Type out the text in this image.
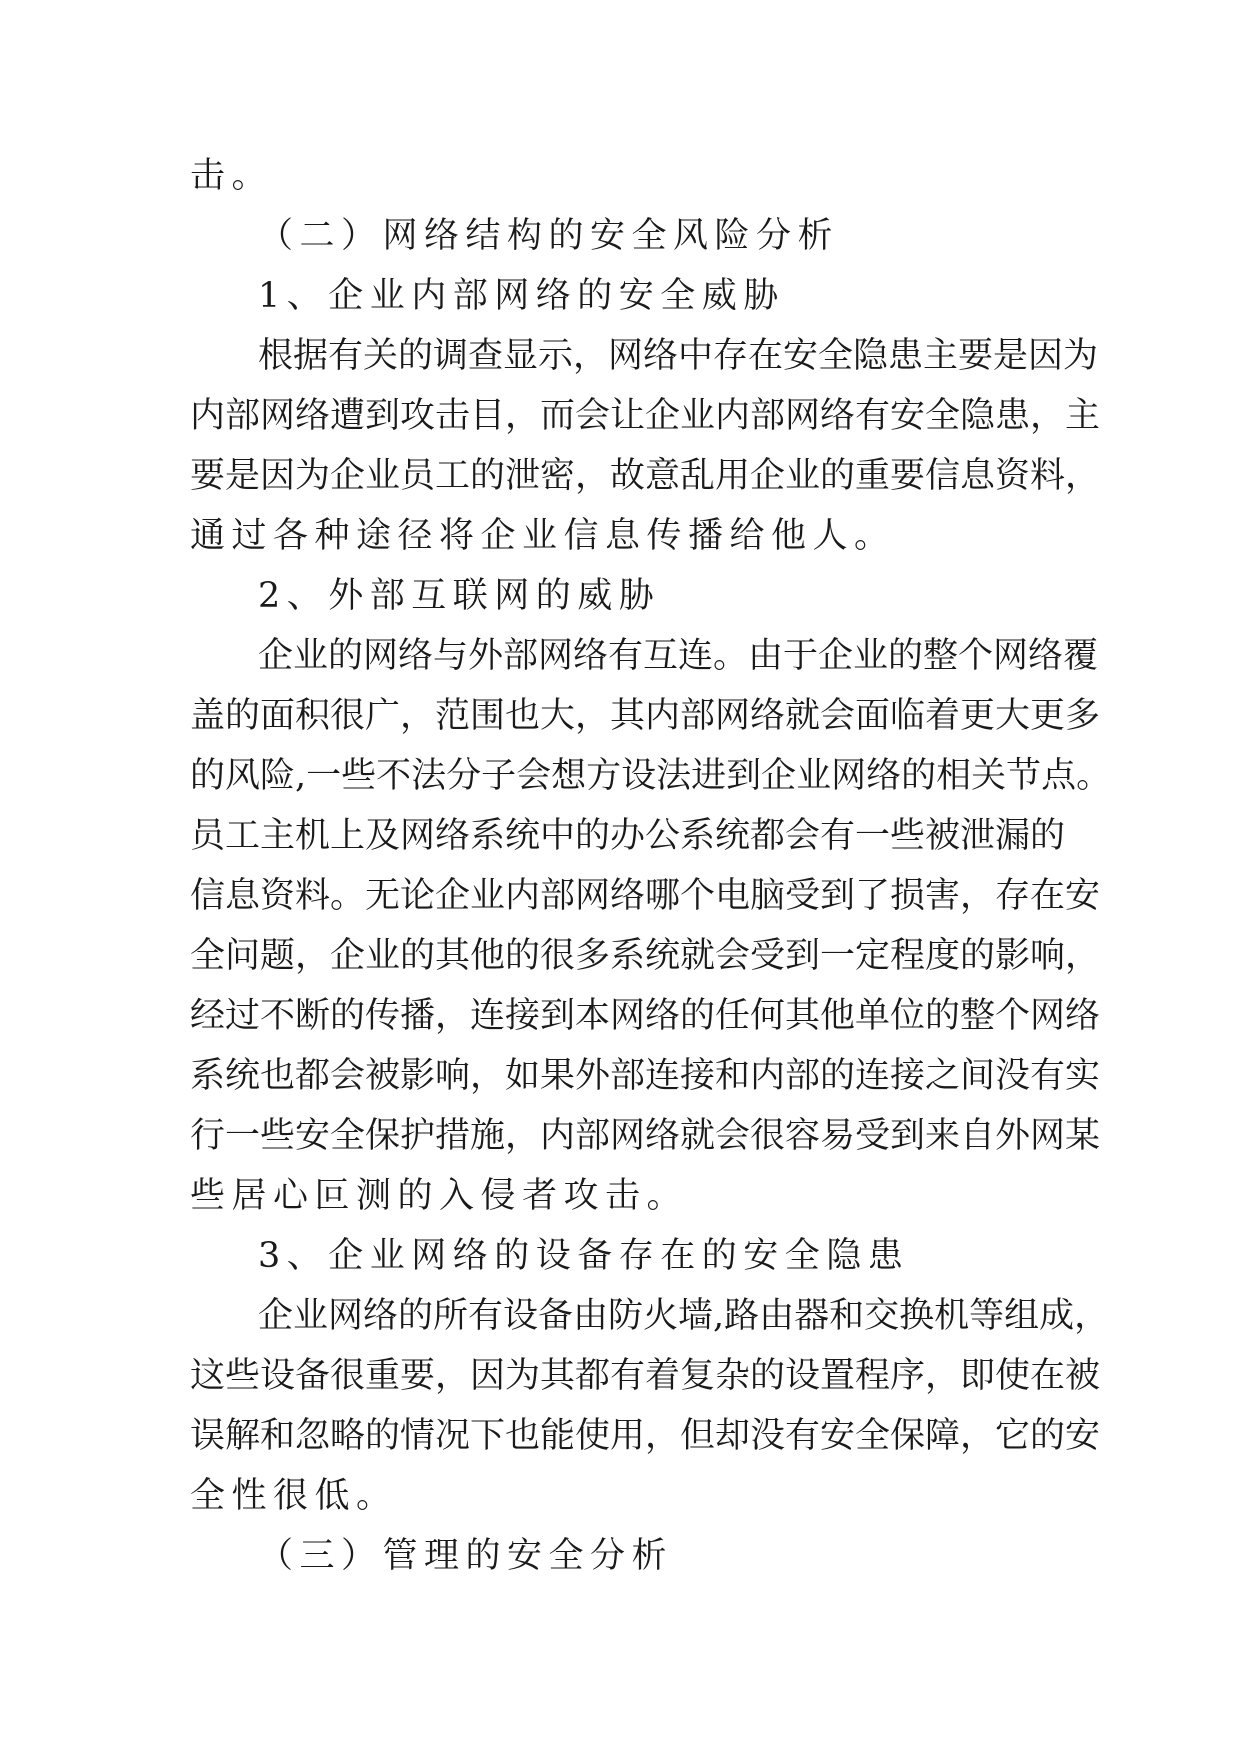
击。
（二）网络结构的安全风险分析
1、企业内部网络的安全威胁
根据有关的调查显示，网络中存在安全隐患主要是因为
内部网络遭到攻击目，而会让企业内部网络有安全隐患，主
要是因为企业员工的泄密，故意乱用企业的重要信息资料，
通过各种途径将企业信息传播给他人。
2、外部互联网的威胁
企业的网络与外部网络有互连。由于企业的整个网络覆
盖的面积很广，范围也大，其内部网络就会面临着更大更多
的风险,一些不法分子会想方设法进到企业网络的相关节点。
员工主机上及网络系统中的办公系统都会有一些被泄漏的
信息资料。无论企业内部网络哪个电脑受到了损害，存在安
全问题，企业的其他的很多系统就会受到一定程度的影响，
经过不断的传播，连接到本网络的任何其他单位的整个网络
系统也都会被影响，如果外部连接和内部的连接之间没有实
行一些安全保护措施，内部网络就会很容易受到来自外网某
些居心叵测的入侵者攻击。
3、企业网络的设备存在的安全隐患
企业网络的所有设备由防火墙,路由器和交换机等组成，
这些设备很重要，因为其都有着复杂的设置程序，即使在被
误解和忽略的情况下也能使用，但却没有安全保障，它的安
全性很低。
（三）管理的安全分析
